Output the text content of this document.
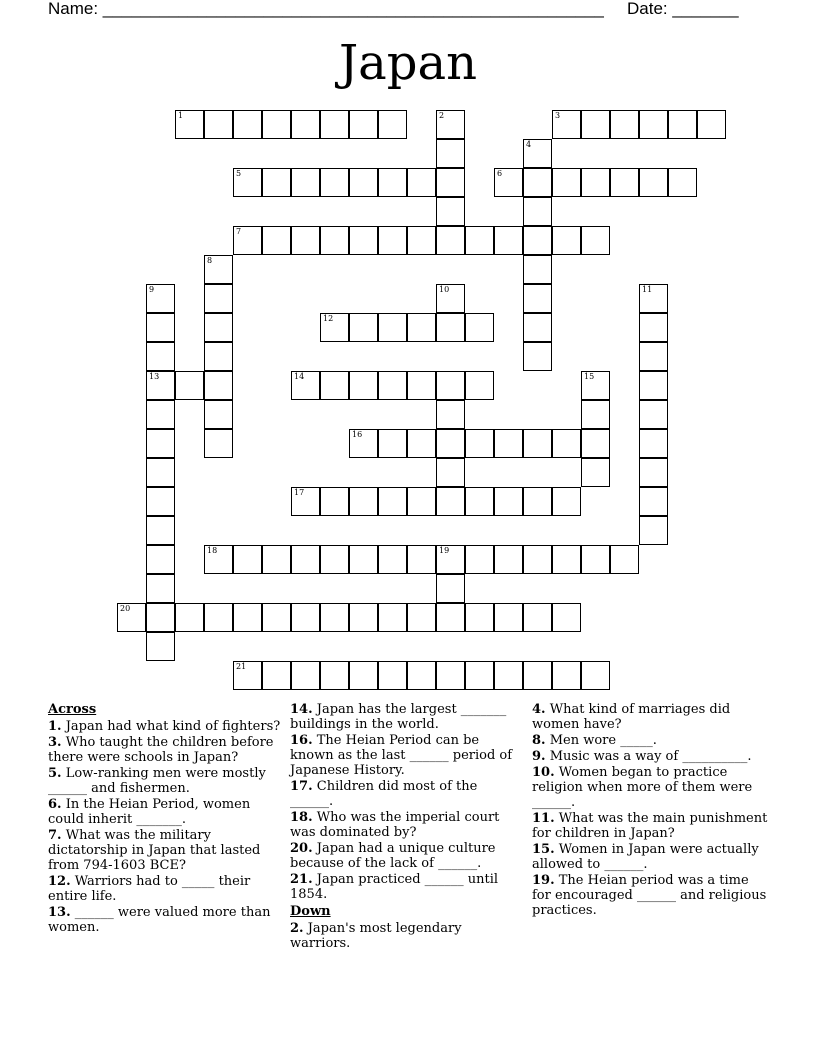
Name: _____________________________________________________ Date: _______
Japan
1	2	3
4
5	6
7
8
9	10	11
12
13	14	15
16
17
18	19
20
21
Across
1. Japan had what kind of fighters?
3. Who taught the children before there were schools in Japan?
5. Low-ranking men were mostly ______ and fishermen.
6. In the Heian Period, women could inherit _______.
7. What was the military dictatorship in Japan that lasted from 794-1603 BCE?
12. Warriors had to _____ their entire life.
13. ______ were valued more than women.
14. Japan has the largest _______ buildings in the world.
16. The Heian Period can be known as the last ______ period of Japanese History.
17. Children did most of the ______.
18. Who was the imperial court was dominated by?
20. Japan had a unique culture because of the lack of ______.
21. Japan practiced ______ until 1854.
Down
2. Japan's most legendary warriors.
4. What kind of marriages did women have?
8. Men wore _____.
9. Music was a way of __________.
10. Women began to practice religion when more of them were ______.
11. What was the main punishment for children in Japan?
15. Women in Japan were actually allowed to ______.
19. The Heian period was a time for encouraged ______ and religious practices.
